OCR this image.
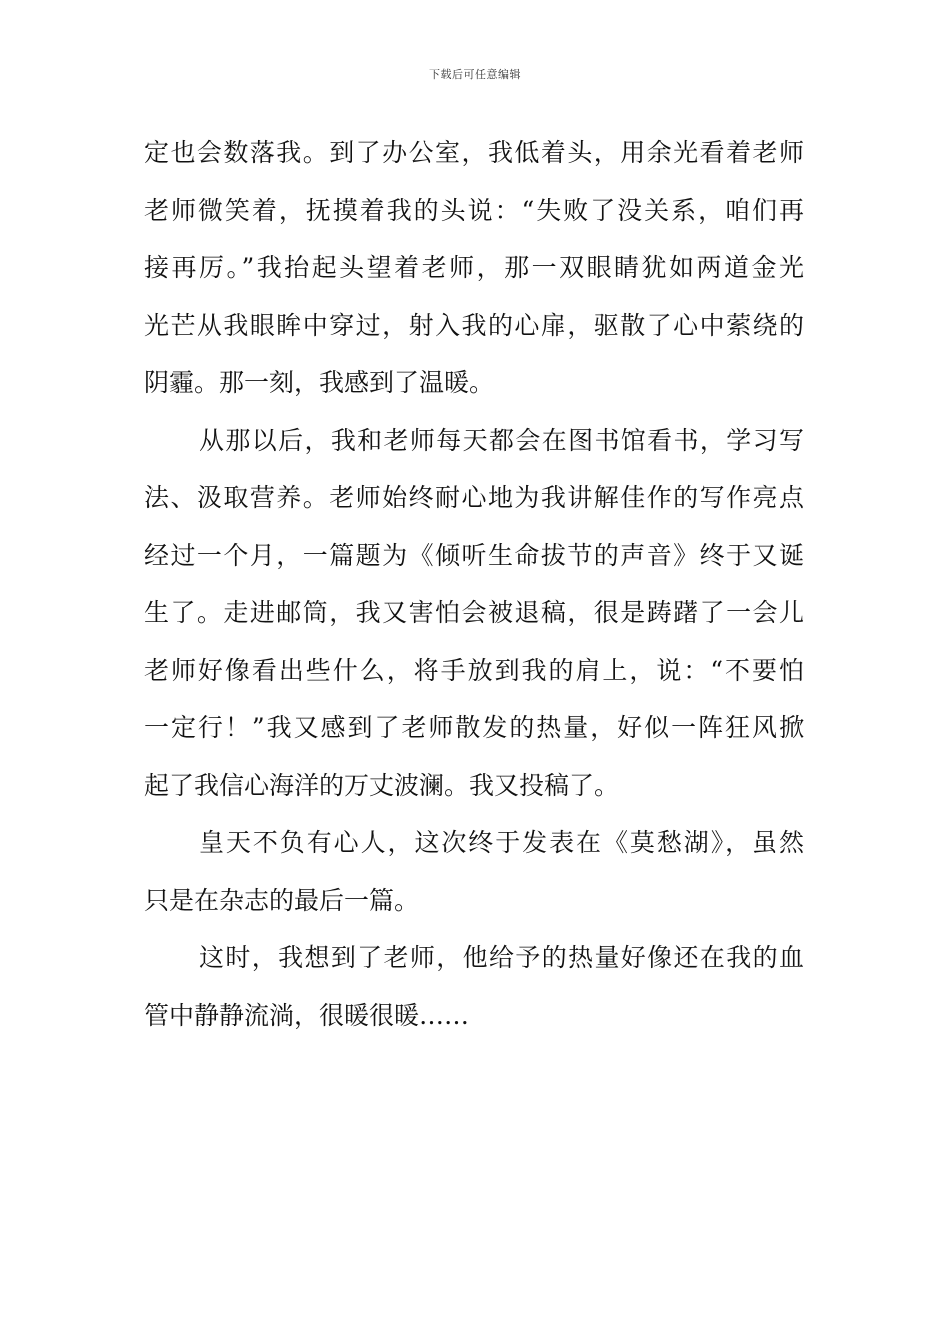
下载后可任意编辑
定也会数落我。到了办公室，我低着头，用余光看着老师
老师微笑着，抚摸着我的头说：“失败了没关系，咱们再
接再厉。”我抬起头望着老师，那一双眼睛犹如两道金光
光芒从我眼眸中穿过，射入我的心扉，驱散了心中萦绕的
阴霾。那一刻，我感到了温暖。
从那以后，我和老师每天都会在图书馆看书，学习写
法、汲取营养。老师始终耐心地为我讲解佳作的写作亮点
经过一个月，一篇题为《倾听生命拔节的声音》终于又诞
生了。走进邮筒，我又害怕会被退稿，很是踌躇了一会儿
老师好像看出些什么，将手放到我的肩上，说：“不要怕
一定行！”我又感到了老师散发的热量，好似一阵狂风掀
起了我信心海洋的万丈波澜。我又投稿了。
皇天不负有心人，这次终于发表在《莫愁湖》，虽然
只是在杂志的最后一篇。
这时，我想到了老师，他给予的热量好像还在我的血
管中静静流淌，很暖很暖……
